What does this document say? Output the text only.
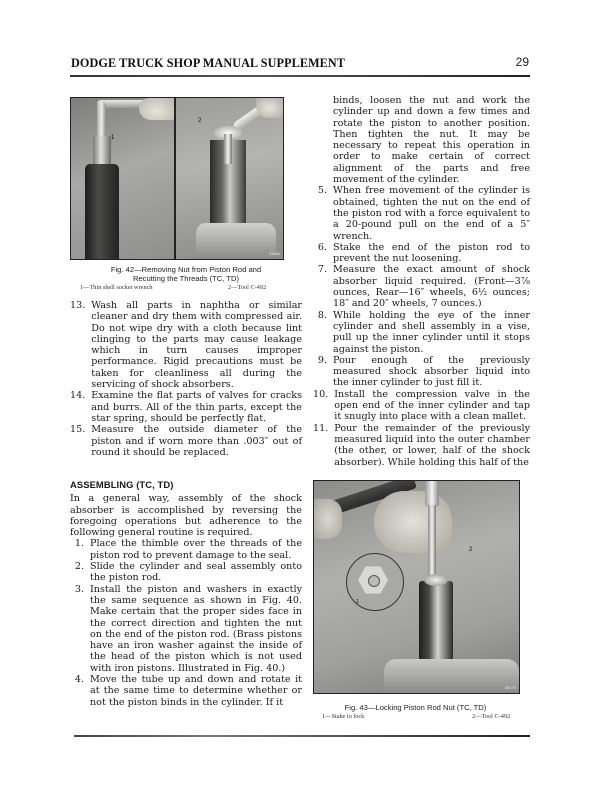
DODGE TRUCK SHOP MANUAL SUPPLEMENT	29
1
2
31184
Fig. 42—Removing Nut from Piston Rod and
Recutting the Threads (TC, TD)
1—Thin shell socket wrench	2—Tool C-492
13. Wash all parts in naphtha or similar cleaner and dry them with compressed air. Do not wipe dry with a cloth because lint clinging to the parts may cause leakage which in turn causes improper performance. Rigid precautions must be taken for cleanliness all during the servicing of shock absorbers.
14. Examine the flat parts of valves for cracks and burrs. All of the thin parts, except the star spring, should be perfectly flat.
15. Measure the outside diameter of the piston and if worn more than .003″ out of round it should be replaced.
ASSEMBLING (TC, TD)
In a general way, assembly of the shock absorber is accomplished by reversing the foregoing operations but adherence to the following general routine is required.
1. Place the thimble over the threads of the piston rod to prevent damage to the seal.
2. Slide the cylinder and seal assembly onto the piston rod.
3. Install the piston and washers in exactly the same sequence as shown in Fig. 40. Make certain that the proper sides face in the correct direction and tighten the nut on the end of the piston rod. (Brass pistons have an iron washer against the inside of the head of the piston which is not used with iron pistons. Illustrated in Fig. 40.)
4. Move the tube up and down and rotate it at the same time to determine whether or not the piston binds in the cylinder. If it
binds, loosen the nut and work the cylinder up and down a few times and rotate the piston to another position. Then tighten the nut. It may be necessary to repeat this operation in order to make certain of correct alignment of the parts and free movement of the cylinder.
5. When free movement of the cylinder is obtained, tighten the nut on the end of the piston rod with a force equivalent to a 20-pound pull on the end of a 5″ wrench.
6. Stake the end of the piston rod to prevent the nut loosening.
7. Measure the exact amount of shock absorber liquid required. (Front—3⅞ ounces, Rear—16″ wheels, 6½ ounces; 18″ and 20″ wheels, 7 ounces.)
8. While holding the eye of the inner cylinder and shell assembly in a vise, pull up the inner cylinder until it stops against the piston.
9. Pour enough of the previously measured shock absorber liquid into the inner cylinder to just fill it.
10. Install the compression valve in the open end of the inner cylinder and tap it snugly into place with a clean mallet.
11. Pour the remainder of the previously measured liquid into the outer chamber (the other, or lower, half of the shock absorber). While holding this half of the
2
1
35179
Fig. 43—Locking Piston Rod Nut (TC, TD)
1—Stake to lock	2—Tool C-492
